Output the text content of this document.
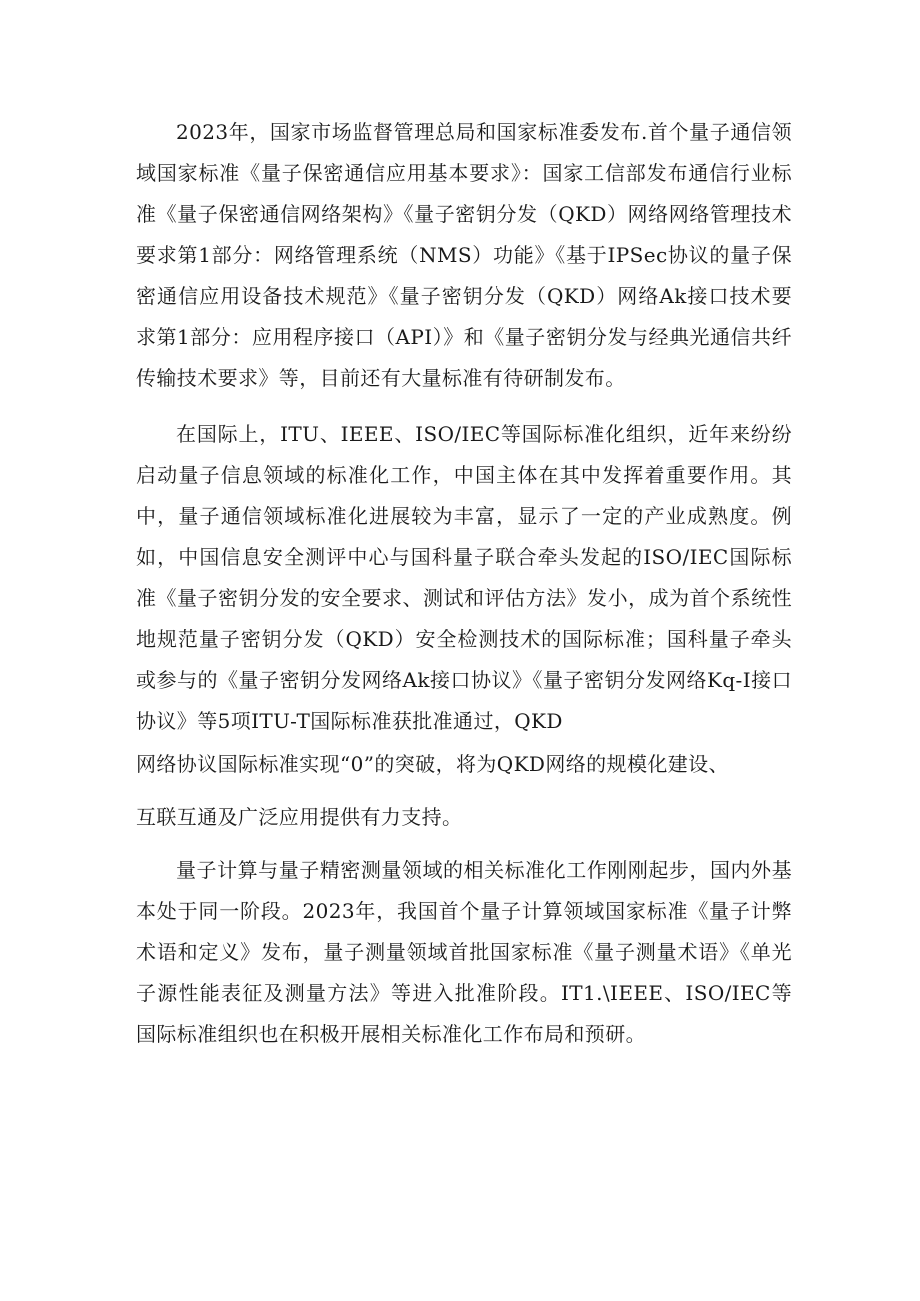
2023年，国家市场监督管理总局和国家标准委发布.首个量子通信领域国家标准《量子保密通信应用基本要求》：国家工信部发布通信行业标准《量子保密通信网络架构》《量子密钥分发（QKD）网络网络管理技术要求第1部分：网络管理系统（NMS）功能》《基于IPSec协议的量子保密通信应用设备技术规范》《量子密钥分发（QKD）网络Ak接口技术要求第1部分：应用程序接口（API）》和《量子密钥分发与经典光通信共纤传输技术要求》等，目前还有大量标准有待研制发布。

在国际上，ITU、IEEE、ISO/IEC等国际标准化组织，近年来纷纷启动量子信息领域的标准化工作，中国主体在其中发挥着重要作用。其中，量子通信领域标准化进展较为丰富，显示了一定的产业成熟度。例如，中国信息安全测评中心与国科量子联合牵头发起的ISO/IEC国际标准《量子密钥分发的安全要求、测试和评估方法》发小，成为首个系统性地规范量子密钥分发（QKD）安全检测技术的国际标准；国科量子牵头或参与的《量子密钥分发网络Ak接口协议》《量子密钥分发网络Kq-I接口协议》等5项ITU-T国际标准获批准通过，QKD

网络协议国际标准实现“0”的突破，将为QKD网络的规模化建设、

互联互通及广泛应用提供有力支持。

量子计算与量子精密测量领域的相关标准化工作刚刚起步，国内外基本处于同一阶段。2023年，我国首个量子计算领域国家标准《量子计弊术语和定义》发布，量子测量领域首批国家标准《量子测量术语》《单光子源性能表征及测量方法》等进入批准阶段。IT1.\IEEE、ISO/IEC等国际标准组织也在积极开展相关标准化工作布局和预研。
